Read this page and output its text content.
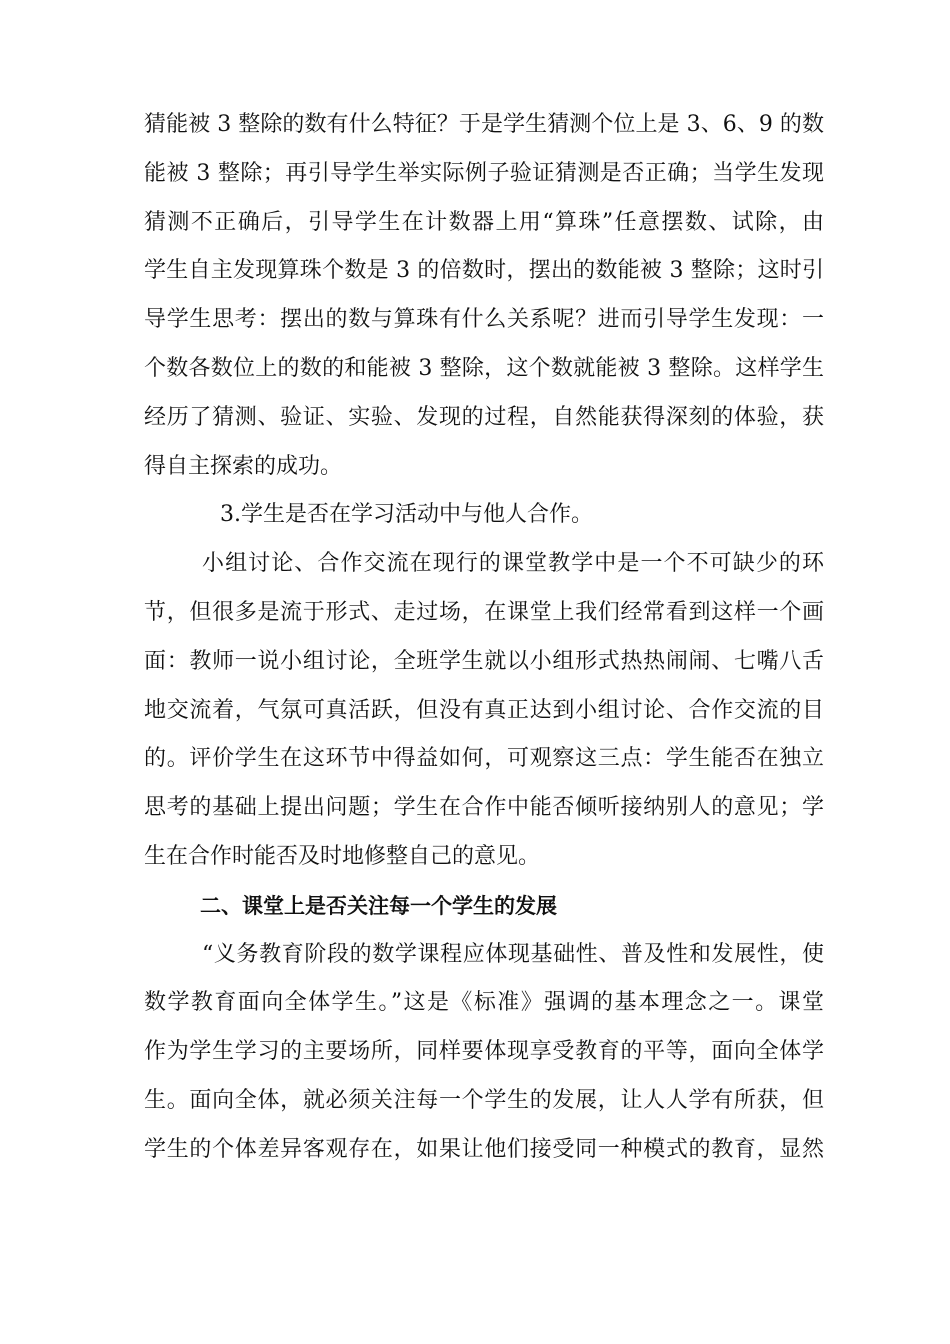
猜能被 3 整除的数有什么特征？于是学生猜测个位上是 3、6、9 的数
能被 3 整除；再引导学生举实际例子验证猜测是否正确；当学生发现
猜测不正确后，引导学生在计数器上用“算珠”任意摆数、试除，由
学生自主发现算珠个数是 3 的倍数时，摆出的数能被 3 整除；这时引
导学生思考：摆出的数与算珠有什么关系呢？进而引导学生发现：一
个数各数位上的数的和能被 3 整除，这个数就能被 3 整除。这样学生
经历了猜测、验证、实验、发现的过程，自然能获得深刻的体验，获
得自主探索的成功。
3.学生是否在学习活动中与他人合作。
小组讨论、合作交流在现行的课堂教学中是一个不可缺少的环
节，但很多是流于形式、走过场，在课堂上我们经常看到这样一个画
面：教师一说小组讨论，全班学生就以小组形式热热闹闹、七嘴八舌
地交流着，气氛可真活跃，但没有真正达到小组讨论、合作交流的目
的。评价学生在这环节中得益如何，可观察这三点：学生能否在独立
思考的基础上提出问题；学生在合作中能否倾听接纳别人的意见；学
生在合作时能否及时地修整自己的意见。
二、课堂上是否关注每一个学生的发展
“义务教育阶段的数学课程应体现基础性、普及性和发展性，使
数学教育面向全体学生。”这是《标准》强调的基本理念之一。课堂
作为学生学习的主要场所，同样要体现享受教育的平等，面向全体学
生。面向全体，就必须关注每一个学生的发展，让人人学有所获，但
学生的个体差异客观存在，如果让他们接受同一种模式的教育，显然
